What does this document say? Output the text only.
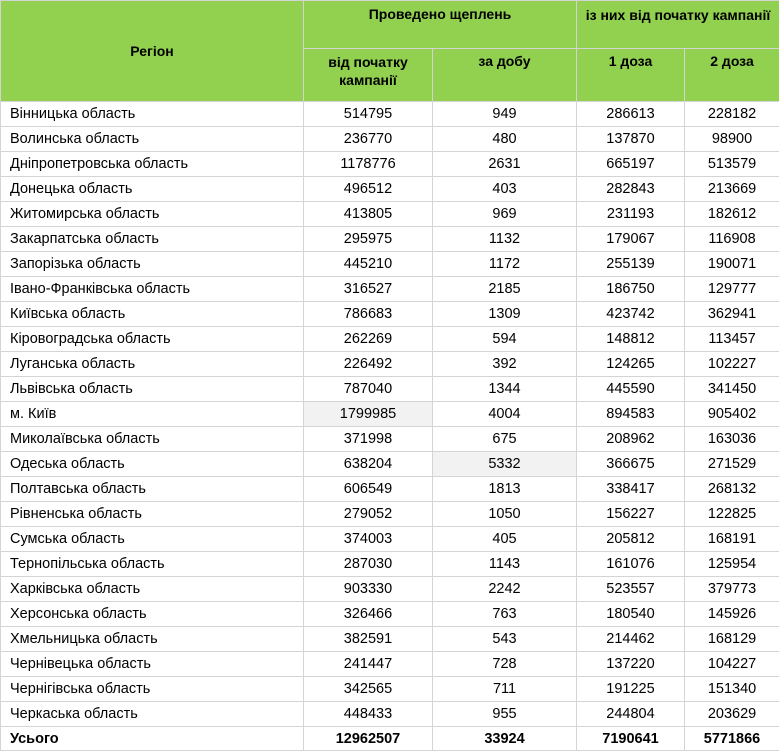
Регіон	Проведено щеплень		із них від початку кампанії	
	від початку кампанії	за добу	1 доза	2 доза
Вінницька область	514795	949	286613	228182
Волинська область	236770	480	137870	98900
Дніпропетровська область	1178776	2631	665197	513579
Донецька область	496512	403	282843	213669
Житомирська область	413805	969	231193	182612
Закарпатська область	295975	1132	179067	116908
Запорізька область	445210	1172	255139	190071
Івано-Франківська область	316527	2185	186750	129777
Київська область	786683	1309	423742	362941
Кіровоградська область	262269	594	148812	113457
Луганська область	226492	392	124265	102227
Львівська область	787040	1344	445590	341450
м. Київ	1799985	4004	894583	905402
Миколаївська область	371998	675	208962	163036
Одеська область	638204	5332	366675	271529
Полтавська область	606549	1813	338417	268132
Рівненська область	279052	1050	156227	122825
Сумська область	374003	405	205812	168191
Тернопільська область	287030	1143	161076	125954
Харківська область	903330	2242	523557	379773
Херсонська область	326466	763	180540	145926
Хмельницька область	382591	543	214462	168129
Чернівецька область	241447	728	137220	104227
Чернігівська область	342565	711	191225	151340
Черкаська область	448433	955	244804	203629
Усього	12962507	33924	7190641	5771866
